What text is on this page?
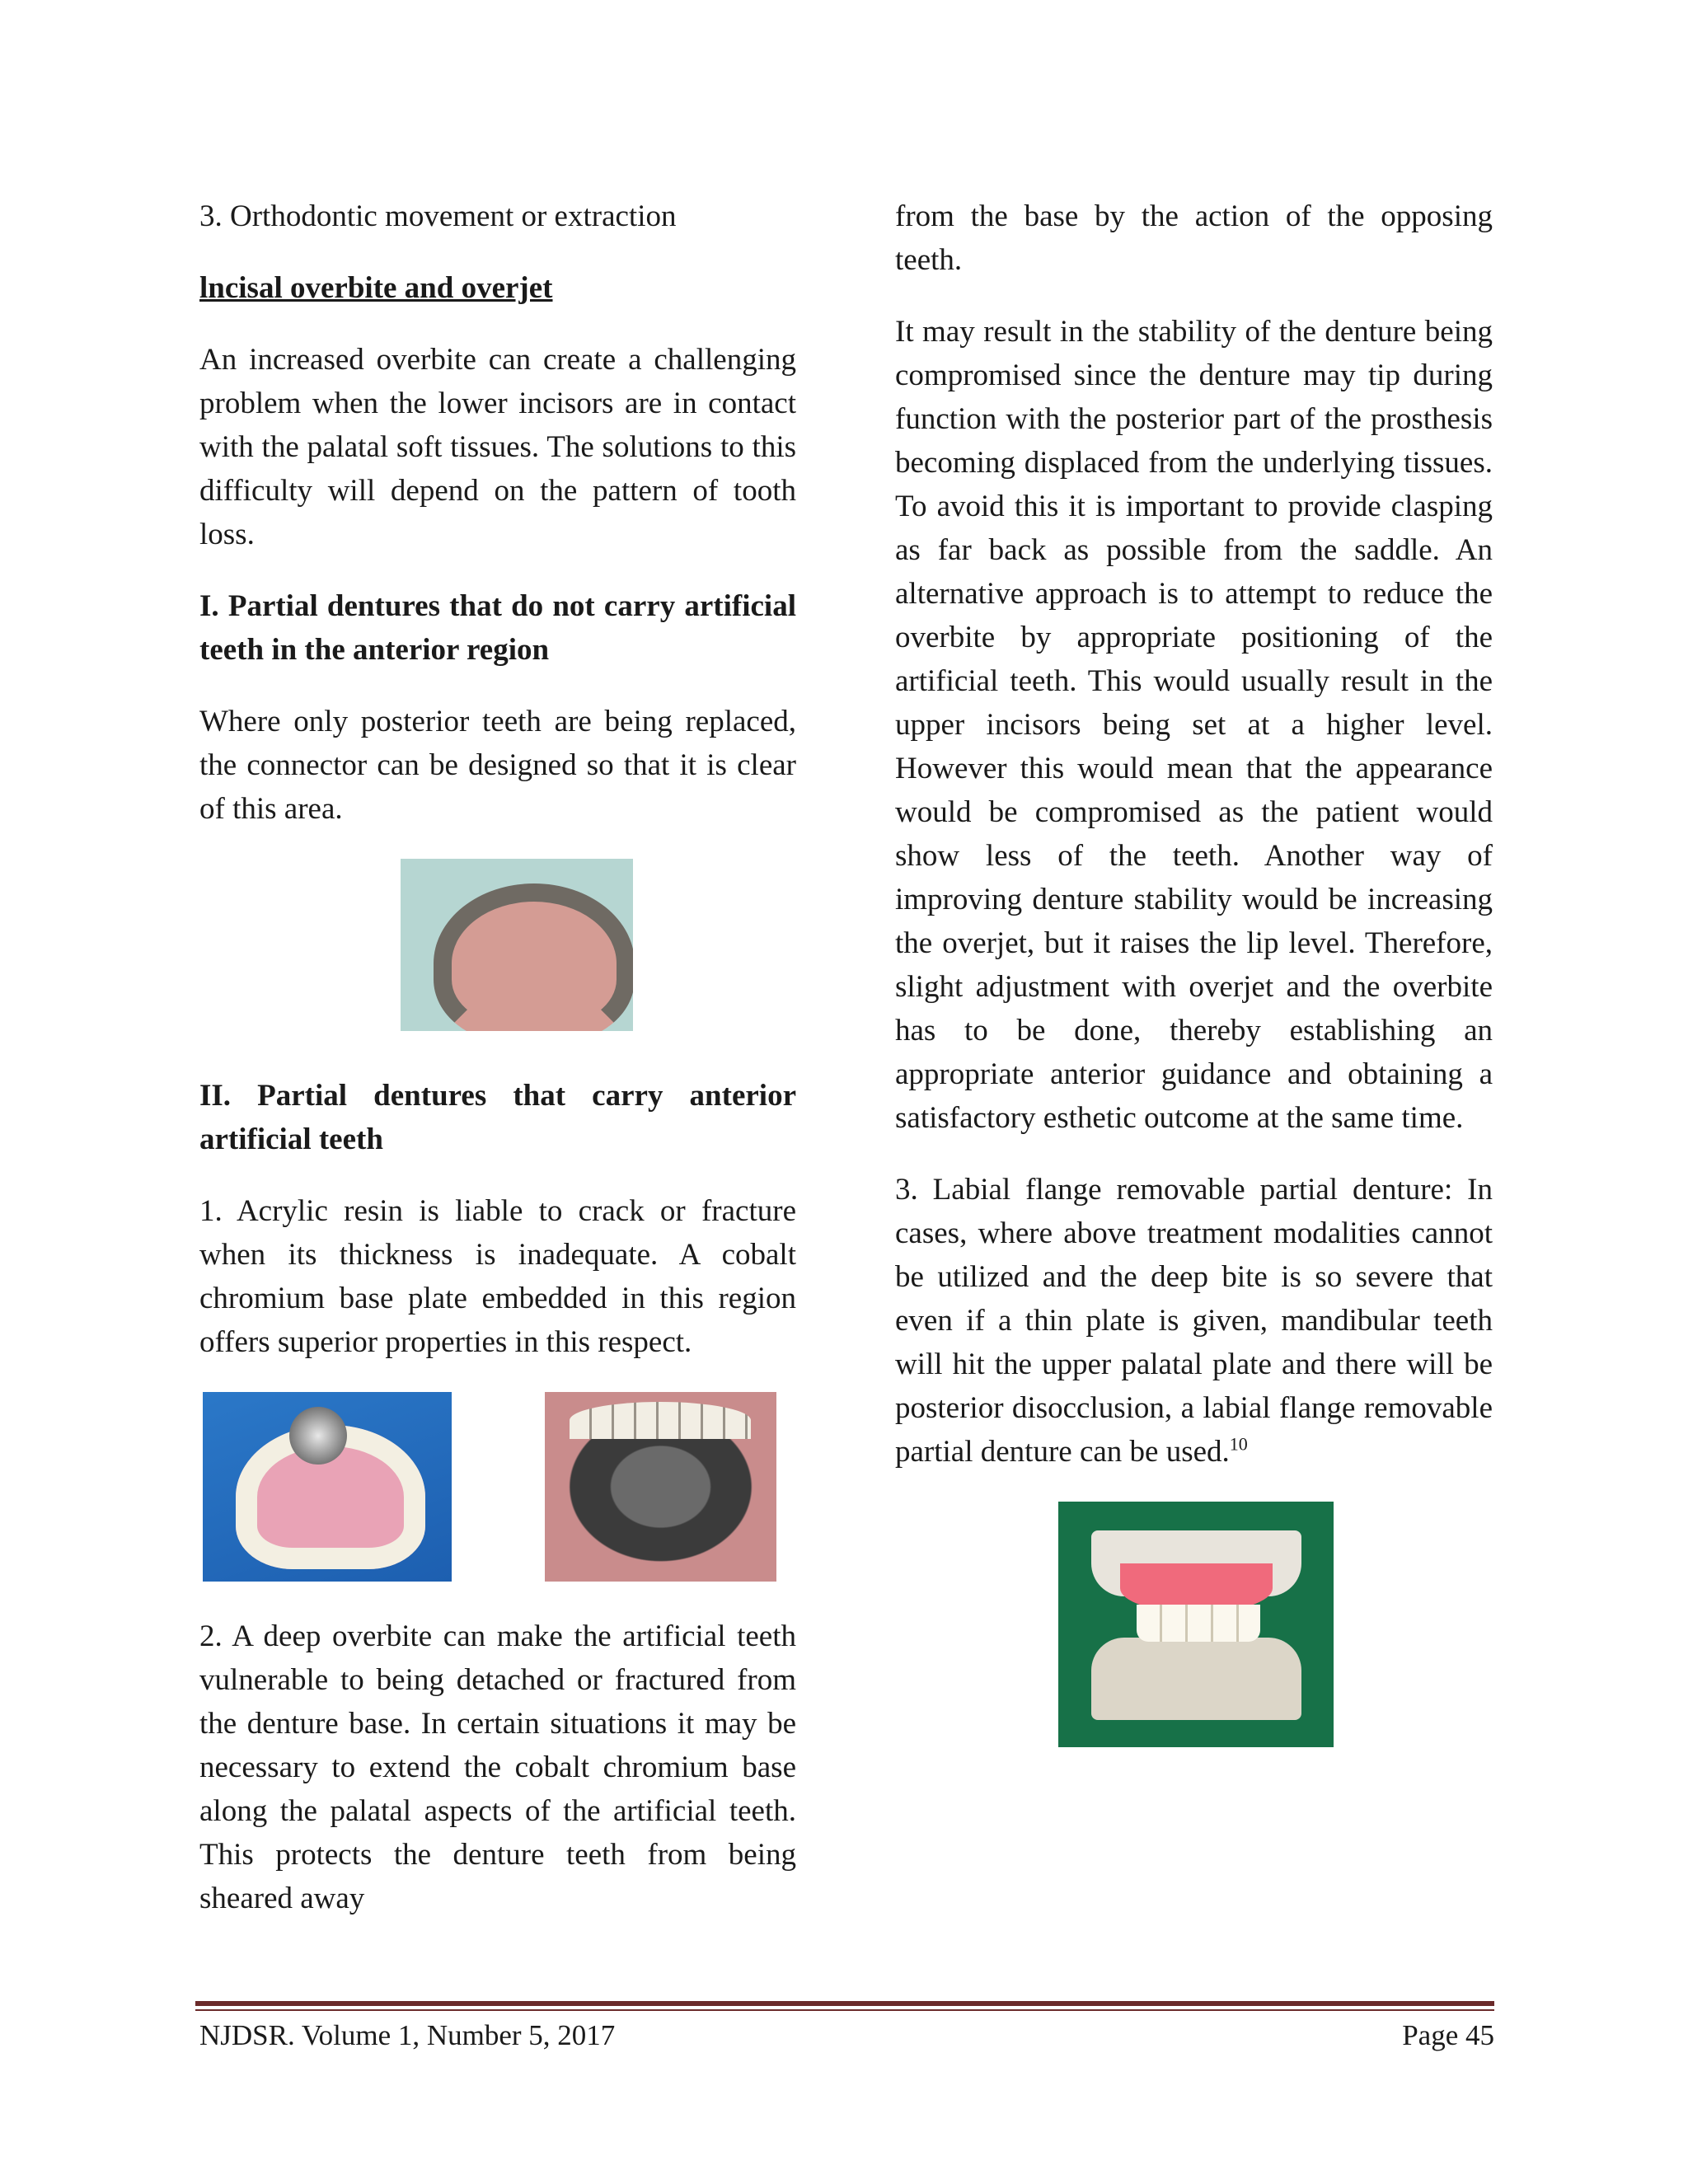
3. Orthodontic movement or extraction

lncisal overbite and overjet

An increased overbite can create a challenging problem when the lower incisors are in contact with the palatal soft tissues. The solutions to this difficulty will depend on the pattern of tooth loss.

I. Partial dentures that do not carry artificial teeth in the anterior region

Where only posterior teeth are being replaced, the connector can be designed so that it is clear of this area.

II. Partial dentures that carry anterior artificial teeth

1. Acrylic resin is liable to crack or fracture when its thickness is inadequate. A cobalt chromium base plate embedded in this region offers superior properties in this respect.

2. A deep overbite can make the artificial teeth vulnerable to being detached or fractured from the denture base. In certain situations it may be necessary to extend the cobalt chromium base along the palatal aspects of the artificial teeth. This protects the denture teeth from being sheared away

from the base by the action of the opposing teeth.

It may result in the stability of the denture being compromised since the denture may tip during function with the posterior part of the prosthesis becoming displaced from the underlying tissues. To avoid this it is important to provide clasping as far back as possible from the saddle. An alternative approach is to attempt to reduce the overbite by appropriate positioning of the artificial teeth. This would usually result in the upper incisors being set at a higher level. However this would mean that the appearance would be compromised as the patient would show less of the teeth. Another way of improving denture stability would be increasing the overjet, but it raises the lip level. Therefore, slight adjustment with overjet and the overbite has to be done, thereby establishing an appropriate anterior guidance and obtaining a satisfactory esthetic outcome at the same time.

3. Labial flange removable partial denture: In cases, where above treatment modalities cannot be utilized and the deep bite is so severe that even if a thin plate is given, mandibular teeth will hit the upper palatal plate and there will be posterior disocclusion, a labial flange removable partial denture can be used.$^{10}$

NJDSR. Volume 1, Number 5, 2017	Page 45
